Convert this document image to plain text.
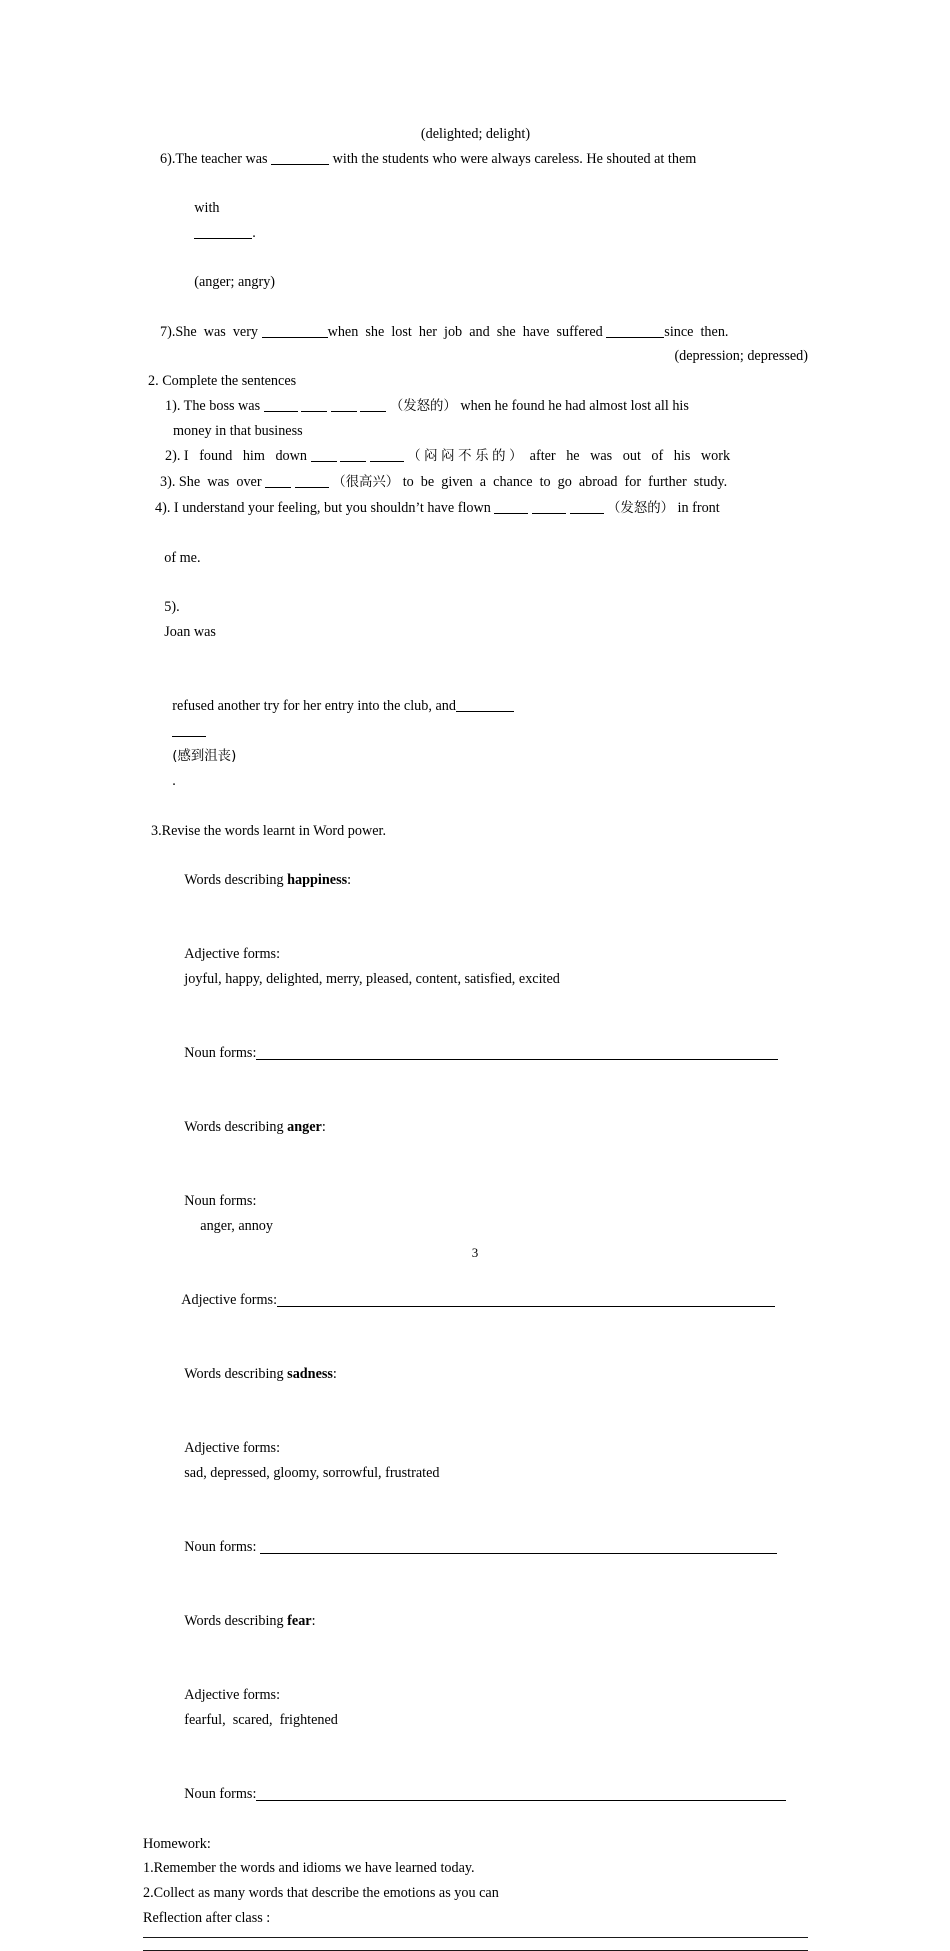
(delighted; delight)
6).The teacher was	with the students who were always careless. He shouted at them

with
.

(anger; angry)

7).She was very	when she lost her job and she have suffered	since then.
(depression; depressed)
2. Complete the sentences
1). The boss was	（发怒的） when he found he had almost lost all his
money in that business
2). I found him down	（闷闷不乐的） after he was out of his work
3). She was over	（很高兴） to be given a chance to go abroad for further study.
4). I understand your feeling, but you shouldn’t have flown	（发怒的） in front

of me.

5).
Joan was

refused another try for her entry into the club, and

(感到沮丧)
.

3.Revise the words learnt in Word power.

Words describing happiness:

Adjective forms:
joyful, happy, delighted, merry, pleased, content, satisfied, excited

Noun forms:

Words describing anger:

Noun forms:
anger, annoy

Adjective forms:

Words describing sadness:

Adjective forms:
sad, depressed, gloomy, sorrowful, frustrated

Noun forms:

Words describing fear:

Adjective forms:
fearful,  scared,  frightened

Noun forms:

Homework:
1.Remember the words and idioms we have learned today.
2.Collect as many words that describe the emotions as you can
Reflection after class :
3
